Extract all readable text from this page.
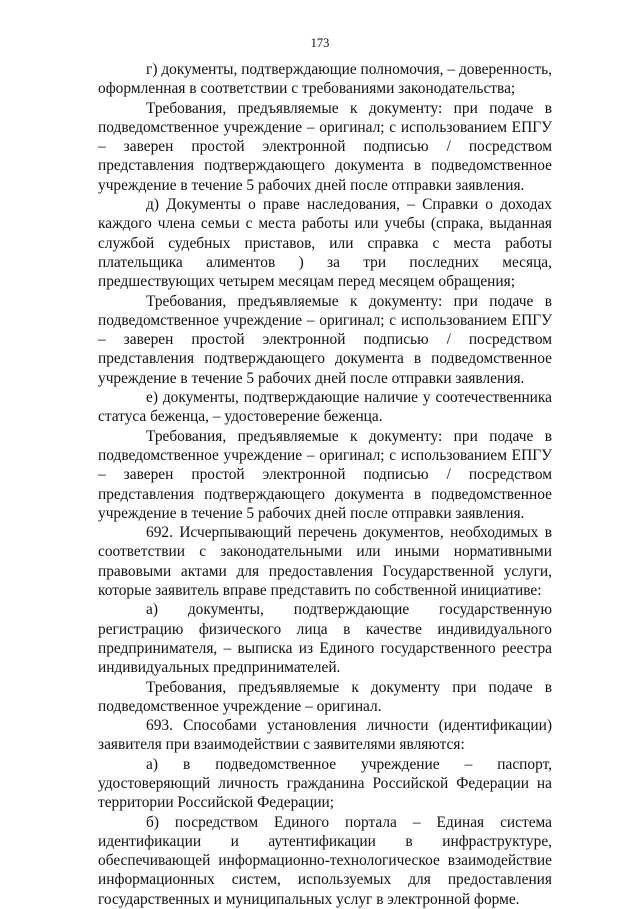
173

г) документы, подтверждающие полномочия, – доверенность, оформленная в соответствии с требованиями законодательства;

Требования, предъявляемые к документу: при подаче в подведомственное учреждение – оригинал; с использованием ЕПГУ – заверен простой электронной подписью / посредством представления подтверждающего документа в подведомственное учреждение в течение 5 рабочих дней после отправки заявления.

д) Документы о праве наследования, – Справки о доходах каждого члена семьи с места работы или учебы (спрака, выданная службой судебных приставов, или справка с места работы плательщика алиментов ) за три последних месяца, предшествующих четырем месяцам перед месяцем обращения;

Требования, предъявляемые к документу: при подаче в подведомственное учреждение – оригинал; с использованием ЕПГУ – заверен простой электронной подписью / посредством представления подтверждающего документа в подведомственное учреждение в течение 5 рабочих дней после отправки заявления.

е) документы, подтверждающие наличие у соотечественника статуса беженца, – удостоверение беженца.

Требования, предъявляемые к документу: при подаче в подведомственное учреждение – оригинал; с использованием ЕПГУ – заверен простой электронной подписью / посредством представления подтверждающего документа в подведомственное учреждение в течение 5 рабочих дней после отправки заявления.

692. Исчерпывающий перечень документов, необходимых в соответствии с законодательными или иными нормативными правовыми актами для предоставления Государственной услуги, которые заявитель вправе представить по собственной инициативе:

а) документы, подтверждающие государственную регистрацию физического лица в качестве индивидуального предпринимателя, – выписка из Единого государственного реестра индивидуальных предпринимателей.

Требования, предъявляемые к документу при подаче в подведомственное учреждение – оригинал.

693. Способами установления личности (идентификации) заявителя при взаимодействии с заявителями являются:

а) в подведомственное учреждение – паспорт, удостоверяющий личность гражданина Российской Федерации на территории Российской Федерации;

б) посредством Единого портала – Единая система идентификации и аутентификации в инфраструктуре, обеспечивающей информационно-технологическое взаимодействие информационных систем, используемых для предоставления государственных и муниципальных услуг в электронной форме.
